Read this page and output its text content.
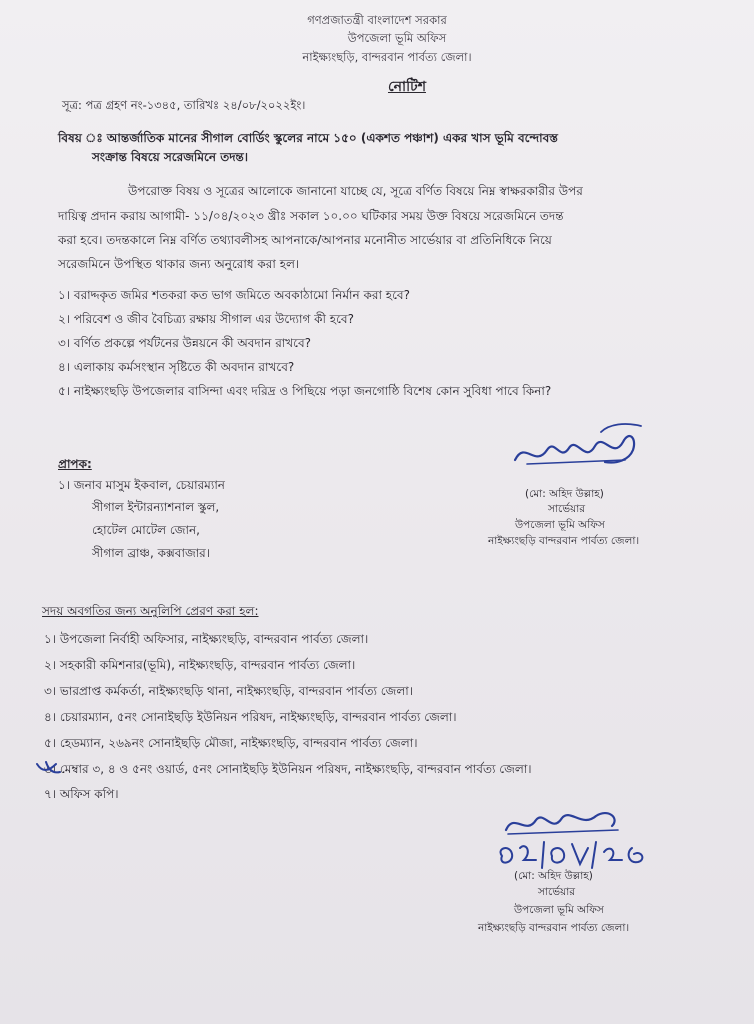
গণপ্রজাতন্ত্রী বাংলাদেশ সরকার
উপজেলা ভূমি অফিস
নাইক্ষ্যংছড়ি, বান্দরবান পার্বত্য জেলা।
নোটিশ
সূত্র: পত্র গ্রহণ নং-১৩৪৫, তারিখঃ ২৪/০৮/২০২২ইং।
বিষয় ঃ আন্তর্জাতিক মানের সীগাল বোর্ডিং স্কুলের নামে ১৫০ (একশত পঞ্চাশ) একর খাস ভূমি বন্দোবস্ত
সংক্রান্ত বিষয়ে সরেজমিনে তদন্ত।
উপরোক্ত বিষয় ও সূত্রের আলোকে জানানো যাচ্ছে যে, সূত্রে বর্ণিত বিষয়ে নিম্ন স্বাক্ষরকারীর উপর
দায়িত্ব প্রদান করায় আগামী- ১১/০৪/২০২৩ খ্রীঃ সকাল ১০.০০ ঘটিকার সময় উক্ত বিষয়ে সরেজমিনে তদন্ত
করা হবে। তদন্তকালে নিম্ন বর্ণিত তথ্যাবলীসহ আপনাকে/আপনার মনোনীত সার্ভেয়ার বা প্রতিনিধিকে নিয়ে
সরেজমিনে উপস্থিত থাকার জন্য অনুরোধ করা হল।
১। বরাদ্দকৃত জমির শতকরা কত ভাগ জমিতে অবকাঠামো নির্মান করা হবে?
২। পরিবেশ ও জীব বৈচিত্র্য রক্ষায় সীগাল এর উদ্যোগ কী হবে?
৩। বর্ণিত প্রকল্পে পর্যটনের উন্নয়নে কী অবদান রাখবে?
৪। এলাকায় কর্মসংস্থান সৃষ্টিতে কী অবদান রাখবে?
৫। নাইক্ষ্যংছড়ি উপজেলার বাসিন্দা এবং দরিদ্র ও পিছিয়ে পড়া জনগোষ্ঠি বিশেষ কোন সুবিধা পাবে কিনা?
(মো: অহিদ উল্লাহ)
সার্ভেয়ার
উপজেলা ভূমি অফিস
নাইক্ষ্যংছড়ি বান্দরবান পার্বত্য জেলা।
প্রাপক:
১। জনাব মাসুম ইকবাল, চেয়ারম্যান
সীগাল ইন্টারন্যাশনাল স্কুল,
হোটেল মোটেল জোন,
সীগাল ব্রাঞ্চ, কক্সবাজার।
সদয় অবগতির জন্য অনুলিপি প্রেরণ করা হল:
১। উপজেলা নির্বাহী অফিসার, নাইক্ষ্যংছড়ি, বান্দরবান পার্বত্য জেলা।
২। সহকারী কমিশনার(ভূমি), নাইক্ষ্যংছড়ি, বান্দরবান পার্বত্য জেলা।
৩। ভারপ্রাপ্ত কর্মকর্তা, নাইক্ষ্যংছড়ি থানা, নাইক্ষ্যংছড়ি, বান্দরবান পার্বত্য জেলা।
৪। চেয়ারম্যান, ৫নং সোনাইছড়ি ইউনিয়ন পরিষদ, নাইক্ষ্যংছড়ি, বান্দরবান পার্বত্য জেলা।
৫। হেডম্যান, ২৬৯নং সোনাইছড়ি মৌজা, নাইক্ষ্যংছড়ি, বান্দরবান পার্বত্য জেলা।
৬। মেম্বার ৩, ৪ ও ৫নং ওয়ার্ড, ৫নং সোনাইছড়ি ইউনিয়ন পরিষদ, নাইক্ষ্যংছড়ি, বান্দরবান পার্বত্য জেলা।
৭। অফিস কপি।
(মো: অহিদ উল্লাহ)
সার্ভেয়ার
উপজেলা ভূমি অফিস
নাইক্ষ্যংছড়ি বান্দরবান পার্বত্য জেলা।
